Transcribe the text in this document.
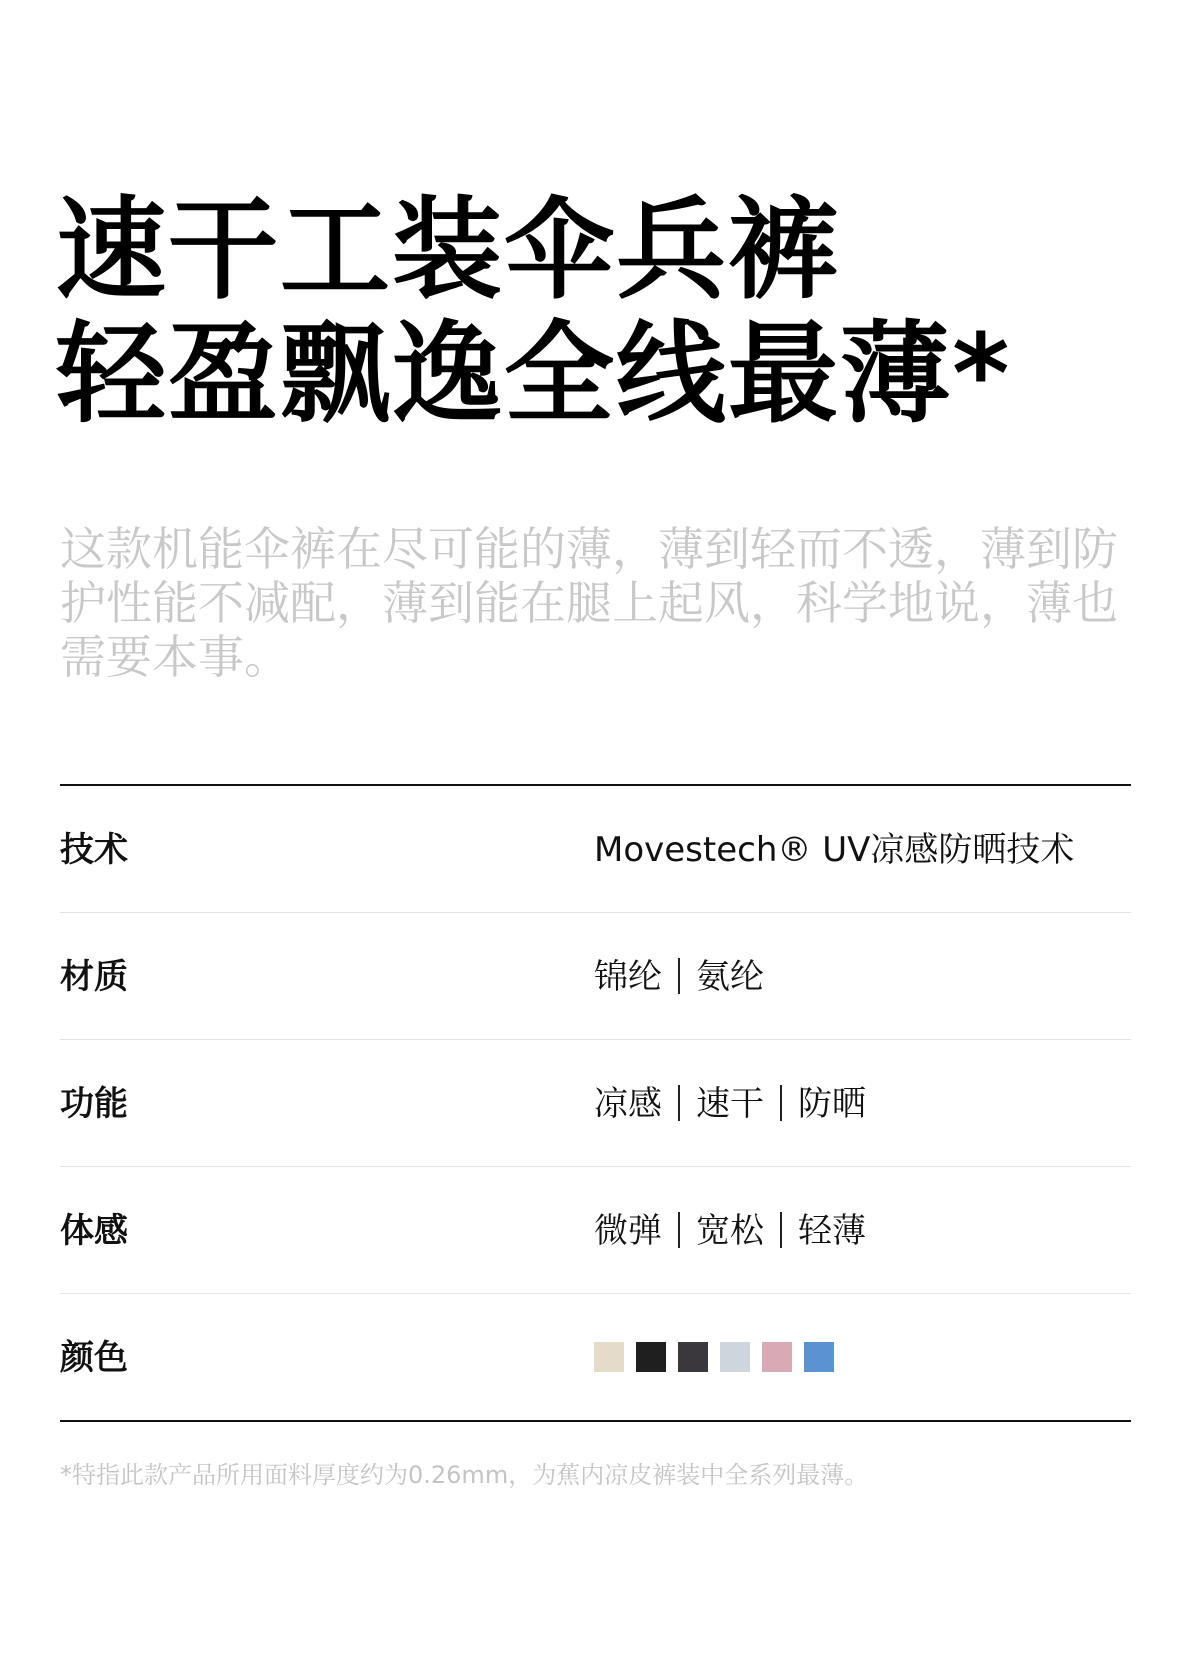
速干工装伞兵裤
轻盈飘逸全线最薄*

这款机能伞裤在尽可能的薄，薄到轻而不透，薄到防护性能不减配，薄到能在腿上起风，科学地说，薄也需要本事。

技术	Movestech® UV凉感防晒技术
材质	锦纶 氨纶
功能	凉感 速干 防晒
体感	微弹 宽松 轻薄
颜色

*特指此款产品所用面料厚度约为0.26mm，为蕉内凉皮裤装中全系列最薄。
